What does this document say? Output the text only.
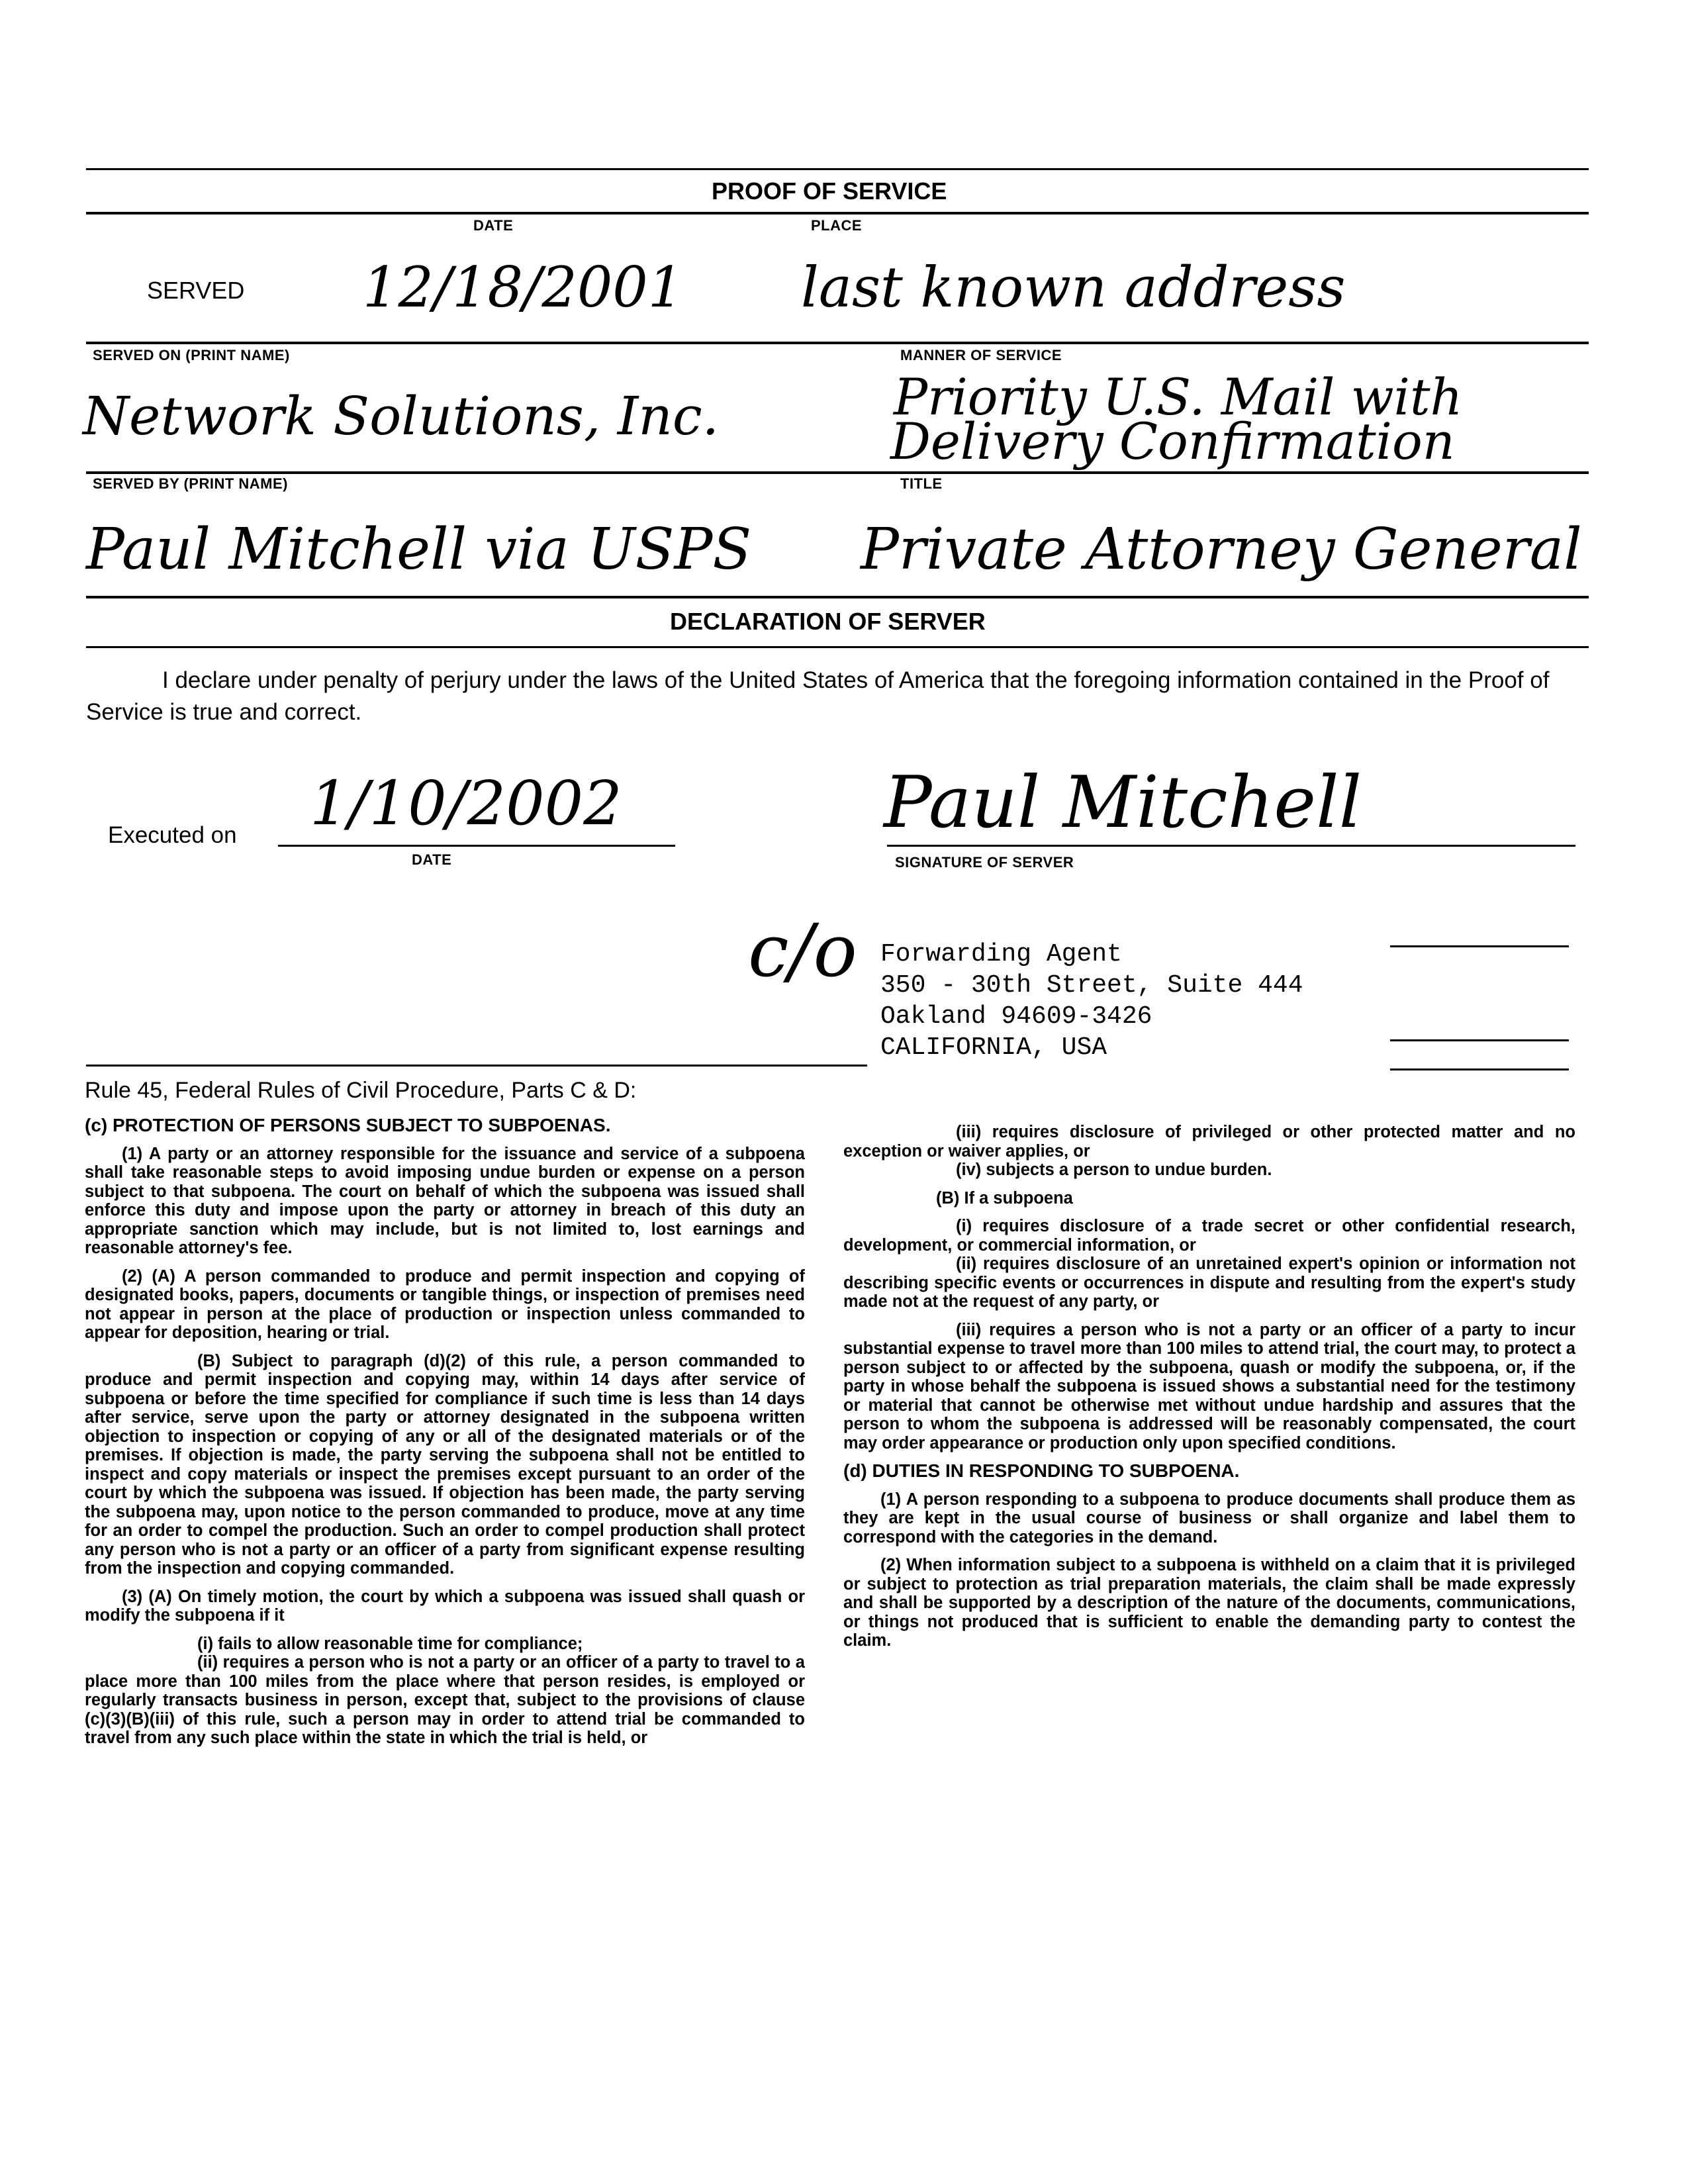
PROOF OF SERVICE
DATE	PLACE
SERVED 12/18/2001 last known address
SERVED ON (PRINT NAME)	MANNER OF SERVICE
Network Solutions, Inc.	Priority U.S. Mail with
Delivery Confirmation
SERVED BY (PRINT NAME)	TITLE
Paul Mitchell via USPS Private Attorney General
DECLARATION OF SERVER
I declare under penalty of perjury under the laws of the United States of America that the foregoing information contained in the Proof of Service is true and correct.
Executed on 1/10/2002
DATE
Paul Mitchell
SIGNATURE OF SERVER
c/o Forwarding Agent
350 - 30th Street, Suite 444
Oakland 94609-3426
CALIFORNIA, USA
Rule 45, Federal Rules of Civil Procedure, Parts C & D:

(c) PROTECTION OF PERSONS SUBJECT TO SUBPOENAS.

(1) A party or an attorney responsible for the issuance and service of a subpoena shall take reasonable steps to avoid imposing undue burden or expense on a person subject to that subpoena. The court on behalf of which the subpoena was issued shall enforce this duty and impose upon the party or attorney in breach of this duty an appropriate sanction which may include, but is not limited to, lost earnings and reasonable attorney's fee.

(2) (A) A person commanded to produce and permit inspection and copying of designated books, papers, documents or tangible things, or inspection of premises need not appear in person at the place of production or inspection unless commanded to appear for deposition, hearing or trial.

(B) Subject to paragraph (d)(2) of this rule, a person commanded to produce and permit inspection and copying may, within 14 days after service of subpoena or before the time specified for compliance if such time is less than 14 days after service, serve upon the party or attorney designated in the subpoena written objection to inspection or copying of any or all of the designated materials or of the premises. If objection is made, the party serving the subpoena shall not be entitled to inspect and copy materials or inspect the premises except pursuant to an order of the court by which the subpoena was issued. If objection has been made, the party serving the subpoena may, upon notice to the person commanded to produce, move at any time for an order to compel the production. Such an order to compel production shall protect any person who is not a party or an officer of a party from significant expense resulting from the inspection and copying commanded.

(3) (A) On timely motion, the court by which a subpoena was issued shall quash or modify the subpoena if it

(i) fails to allow reasonable time for compliance;

(ii) requires a person who is not a party or an officer of a party to travel to a place more than 100 miles from the place where that person resides, is employed or regularly transacts business in person, except that, subject to the provisions of clause (c)(3)(B)(iii) of this rule, such a person may in order to attend trial be commanded to travel from any such place within the state in which the trial is held, or

(iii) requires disclosure of privileged or other protected matter and no exception or waiver applies, or

(iv) subjects a person to undue burden.

(B) If a subpoena

(i) requires disclosure of a trade secret or other confidential research, development, or commercial information, or

(ii) requires disclosure of an unretained expert's opinion or information not describing specific events or occurrences in dispute and resulting from the expert's study made not at the request of any party, or

(iii) requires a person who is not a party or an officer of a party to incur substantial expense to travel more than 100 miles to attend trial, the court may, to protect a person subject to or affected by the subpoena, quash or modify the subpoena, or, if the party in whose behalf the subpoena is issued shows a substantial need for the testimony or material that cannot be otherwise met without undue hardship and assures that the person to whom the subpoena is addressed will be reasonably compensated, the court may order appearance or production only upon specified conditions.

(d) DUTIES IN RESPONDING TO SUBPOENA.

(1) A person responding to a subpoena to produce documents shall produce them as they are kept in the usual course of business or shall organize and label them to correspond with the categories in the demand.

(2) When information subject to a subpoena is withheld on a claim that it is privileged or subject to protection as trial preparation materials, the claim shall be made expressly and shall be supported by a description of the nature of the documents, communications, or things not produced that is sufficient to enable the demanding party to contest the claim.
